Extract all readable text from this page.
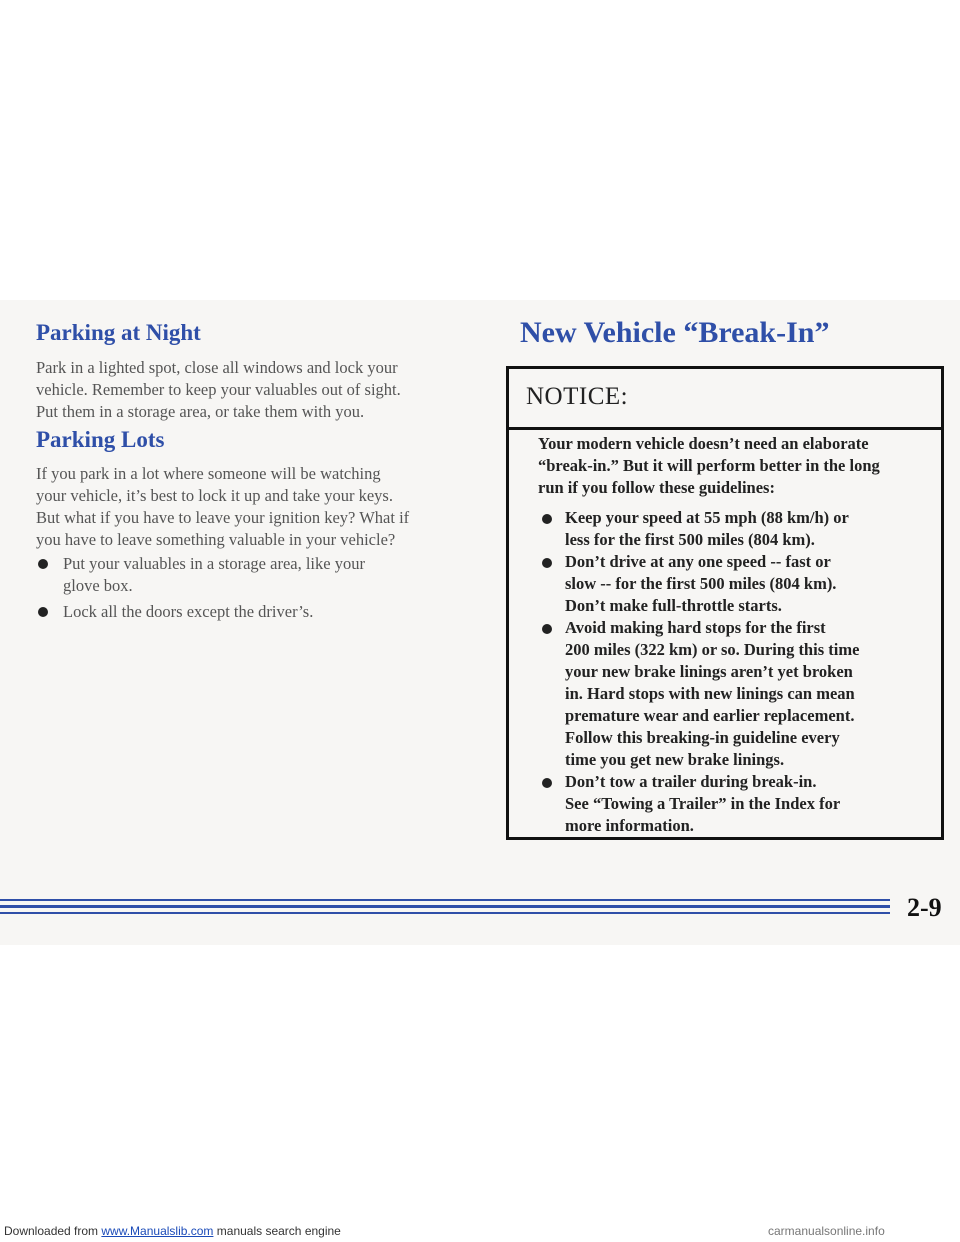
Parking at Night

Park in a lighted spot, close all windows and lock your
vehicle. Remember to keep your valuables out of sight.
Put them in a storage area, or take them with you.

Parking Lots

If you park in a lot where someone will be watching
your vehicle, it’s best to lock it up and take your keys.
But what if you have to leave your ignition key? What if
you have to leave something valuable in your vehicle?

Put your valuables in a storage area, like your
glove box.
Lock all the doors except the driver’s.
New Vehicle “Break-In”
NOTICE:
Your modern vehicle doesn’t need an elaborate
“break-in.” But it will perform better in the long
run if you follow these guidelines:
Keep your speed at 55 mph (88 km/h) or
less for the first 500 miles (804 km).
Don’t drive at any one speed -- fast or
slow -- for the first 500 miles (804 km).
Don’t make full-throttle starts.
Avoid making hard stops for the first
200 miles (322 km) or so. During this time
your new brake linings aren’t yet broken
in. Hard stops with new linings can mean
premature wear and earlier replacement.
Follow this breaking-in guideline every
time you get new brake linings.
Don’t tow a trailer during break-in.
See “Towing a Trailer” in the Index for
more information.
2-9
Downloaded from www.Manualslib.com manuals search engine	carmanualsonline.info
